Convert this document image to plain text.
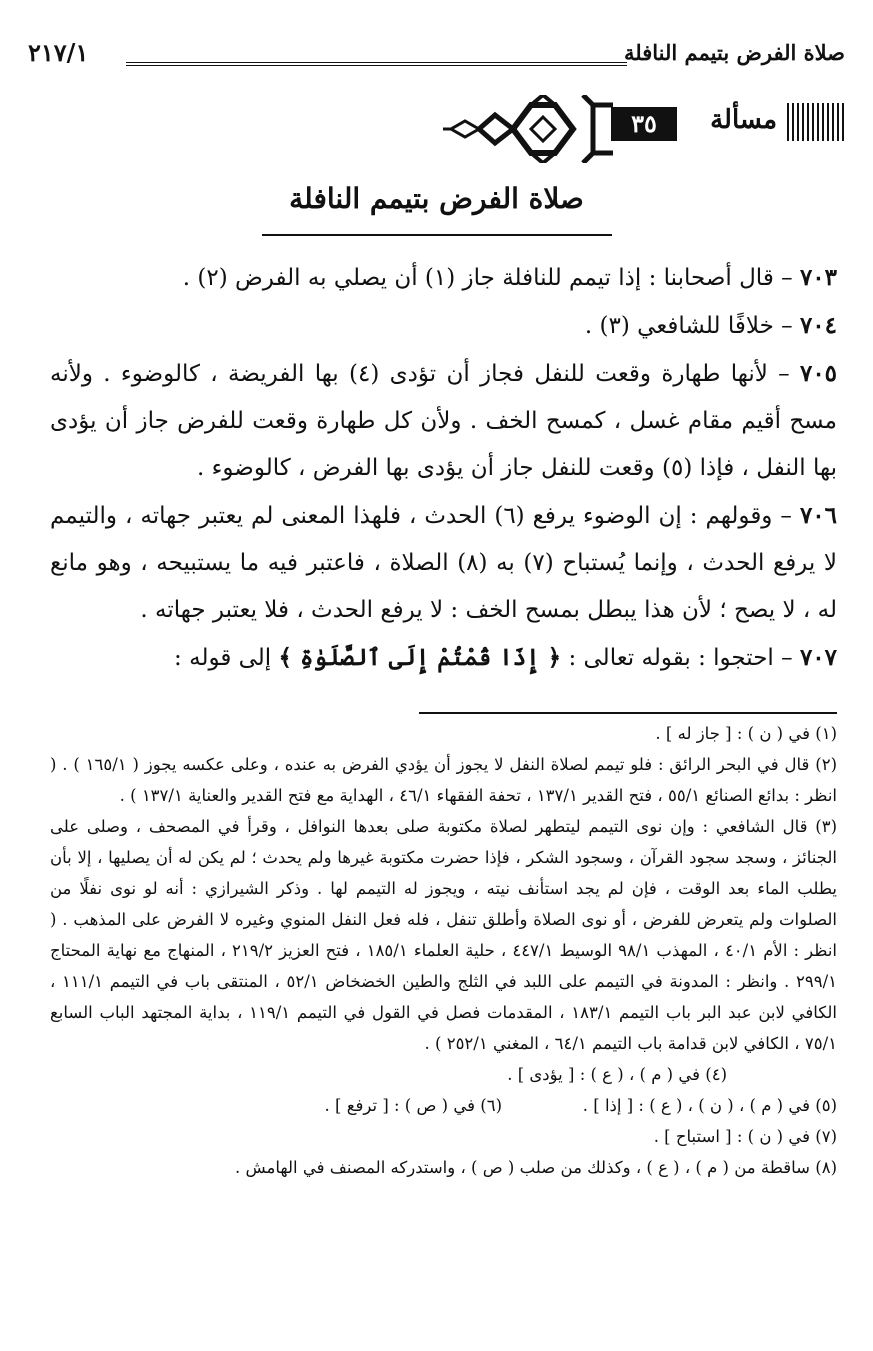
صلاة الفرض بتيمم النافلة
٢١٧/١
مسألة
٣٥
صلاة الفرض بتيمم النافلة

٧٠٣ – قال أصحابنا : إذا تيمم للنافلة جاز (١) أن يصلي به الفرض (٢) .

٧٠٤ – خلافًا للشافعي (٣) .

٧٠٥ – لأنها طهارة وقعت للنفل فجاز أن تؤدى (٤) بها الفريضة ، كالوضوء . ولأنه مسح أقيم مقام غسل ، كمسح الخف . ولأن كل طهارة وقعت للفرض جاز أن يؤدى بها النفل ، فإذا (٥) وقعت للنفل جاز أن يؤدى بها الفرض ، كالوضوء .

٧٠٦ – وقولهم : إن الوضوء يرفع (٦) الحدث ، فلهذا المعنى لم يعتبر جهاته ، والتيمم لا يرفع الحدث ، وإنما يُستباح (٧) به (٨) الصلاة ، فاعتبر فيه ما يستبيحه ، وهو مانع له ، لا يصح ؛ لأن هذا يبطل بمسح الخف : لا يرفع الحدث ، فلا يعتبر جهاته .

٧٠٧ – احتجوا : بقوله تعالى : ﴿ إِذَا قُمْتُمْ إِلَى ٱلصَّلَوٰةِ ﴾ إلى قوله :

(١) في ( ن ) : [ جاز له ] .

(٢) قال في البحر الرائق : فلو تيمم لصلاة النفل لا يجوز أن يؤدي الفرض به عنده ، وعلى عكسه يجوز ( ١٦٥/١ ) . ( انظر : بدائع الصنائع ٥٥/١ ، فتح القدير ١٣٧/١ ، تحفة الفقهاء ٤٦/١ ، الهداية مع فتح القدير والعناية ١٣٧/١ ) .

(٣) قال الشافعي : وإن نوى التيمم ليتطهر لصلاة مكتوبة صلى بعدها النوافل ، وقرأ في المصحف ، وصلى على الجنائز ، وسجد سجود القرآن ، وسجود الشكر ، فإذا حضرت مكتوبة غيرها ولم يحدث ؛ لم يكن له أن يصليها ، إلا بأن يطلب الماء بعد الوقت ، فإن لم يجد استأنف نيته ، ويجوز له التيمم لها . وذكر الشيرازي : أنه لو نوى نفلًا من الصلوات ولم يتعرض للفرض ، أو نوى الصلاة وأطلق تنفل ، فله فعل النفل المنوي وغيره لا الفرض على المذهب . ( انظر : الأم ٤٠/١ ، المهذب ٩٨/١ الوسيط ٤٤٧/١ ، حلية العلماء ١٨٥/١ ، فتح العزيز ٢١٩/٢ ، المنهاج مع نهاية المحتاج ٢٩٩/١ . وانظر : المدونة في التيمم على اللبد في الثلج والطين الخضخاض ٥٢/١ ، المنتقى باب في التيمم ١١١/١ ، الكافي لابن عبد البر باب التيمم ١٨٣/١ ، المقدمات فصل في القول في التيمم ١١٩/١ ، بداية المجتهد الباب السابع ٧٥/١ ، الكافي لابن قدامة باب التيمم ٦٤/١ ، المغني ٢٥٢/١ ) .

(٤) في ( م ) ، ( ع ) : [ يؤدى ] .
(٥) في ( م ) ، ( ن ) ، ( ع ) : [ إذا ] .
(٦) في ( ص ) : [ ترفع ] .

(٧) في ( ن ) : [ استباح ] .

(٨) ساقطة من ( م ) ، ( ع ) ، وكذلك من صلب ( ص ) ، واستدركه المصنف في الهامش .
